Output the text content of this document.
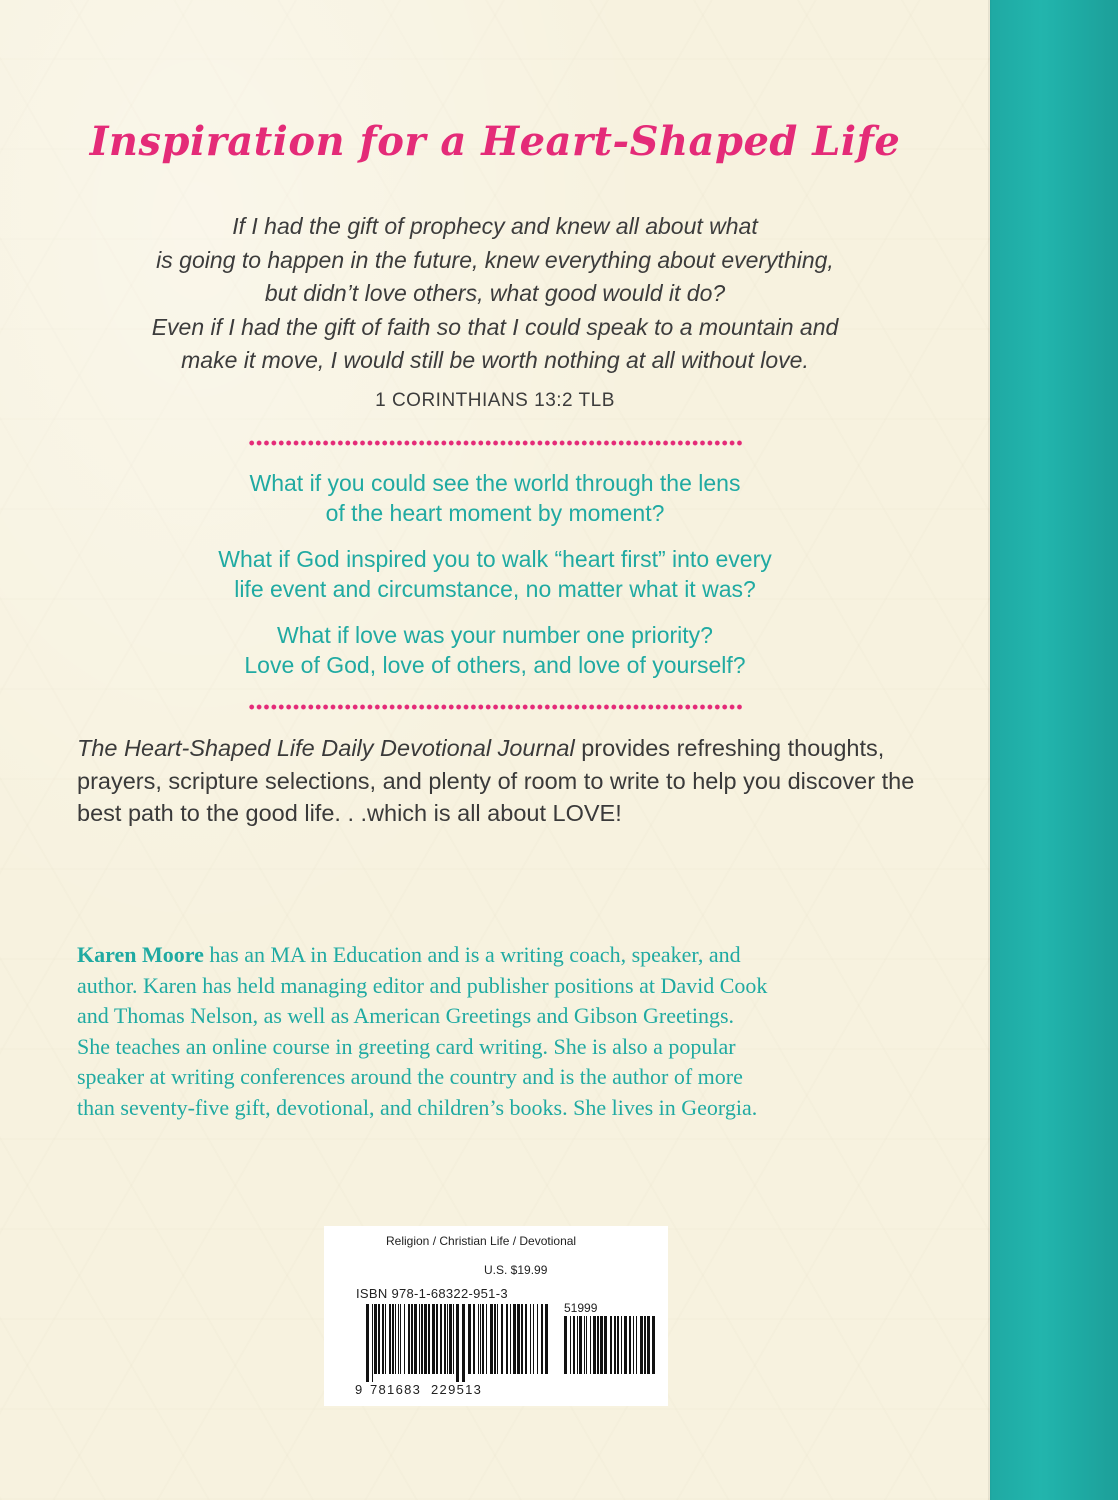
Inspiration for a Heart-Shaped Life
If I had the gift of prophecy and knew all about what
is going to happen in the future, knew everything about everything,
but didn’t love others, what good would it do?
Even if I had the gift of faith so that I could speak to a mountain and
make it move, I would still be worth nothing at all without love.
1 CORINTHIANS 13:2 TLB
What if you could see the world through the lens
of the heart moment by moment?
What if God inspired you to walk “heart first” into every
life event and circumstance, no matter what it was?
What if love was your number one priority?
Love of God, love of others, and love of yourself?

The Heart-Shaped Life Daily Devotional Journal provides refreshing thoughts, prayers, scripture selections, and plenty of room to write to help you discover the best path to the good life. . .which is all about LOVE!

Karen Moore has an MA in Education and is a writing coach, speaker, and
author. Karen has held managing editor and publisher positions at David Cook
and Thomas Nelson, as well as American Greetings and Gibson Greetings.
She teaches an online course in greeting card writing. She is also a popular
speaker at writing conferences around the country and is the author of more
than seventy-five gift, devotional, and children’s books. She lives in Georgia.
Religion / Christian Life / Devotional
U.S. $19.99
ISBN 978-1-68322-951-3
51999
9 781683  229513
